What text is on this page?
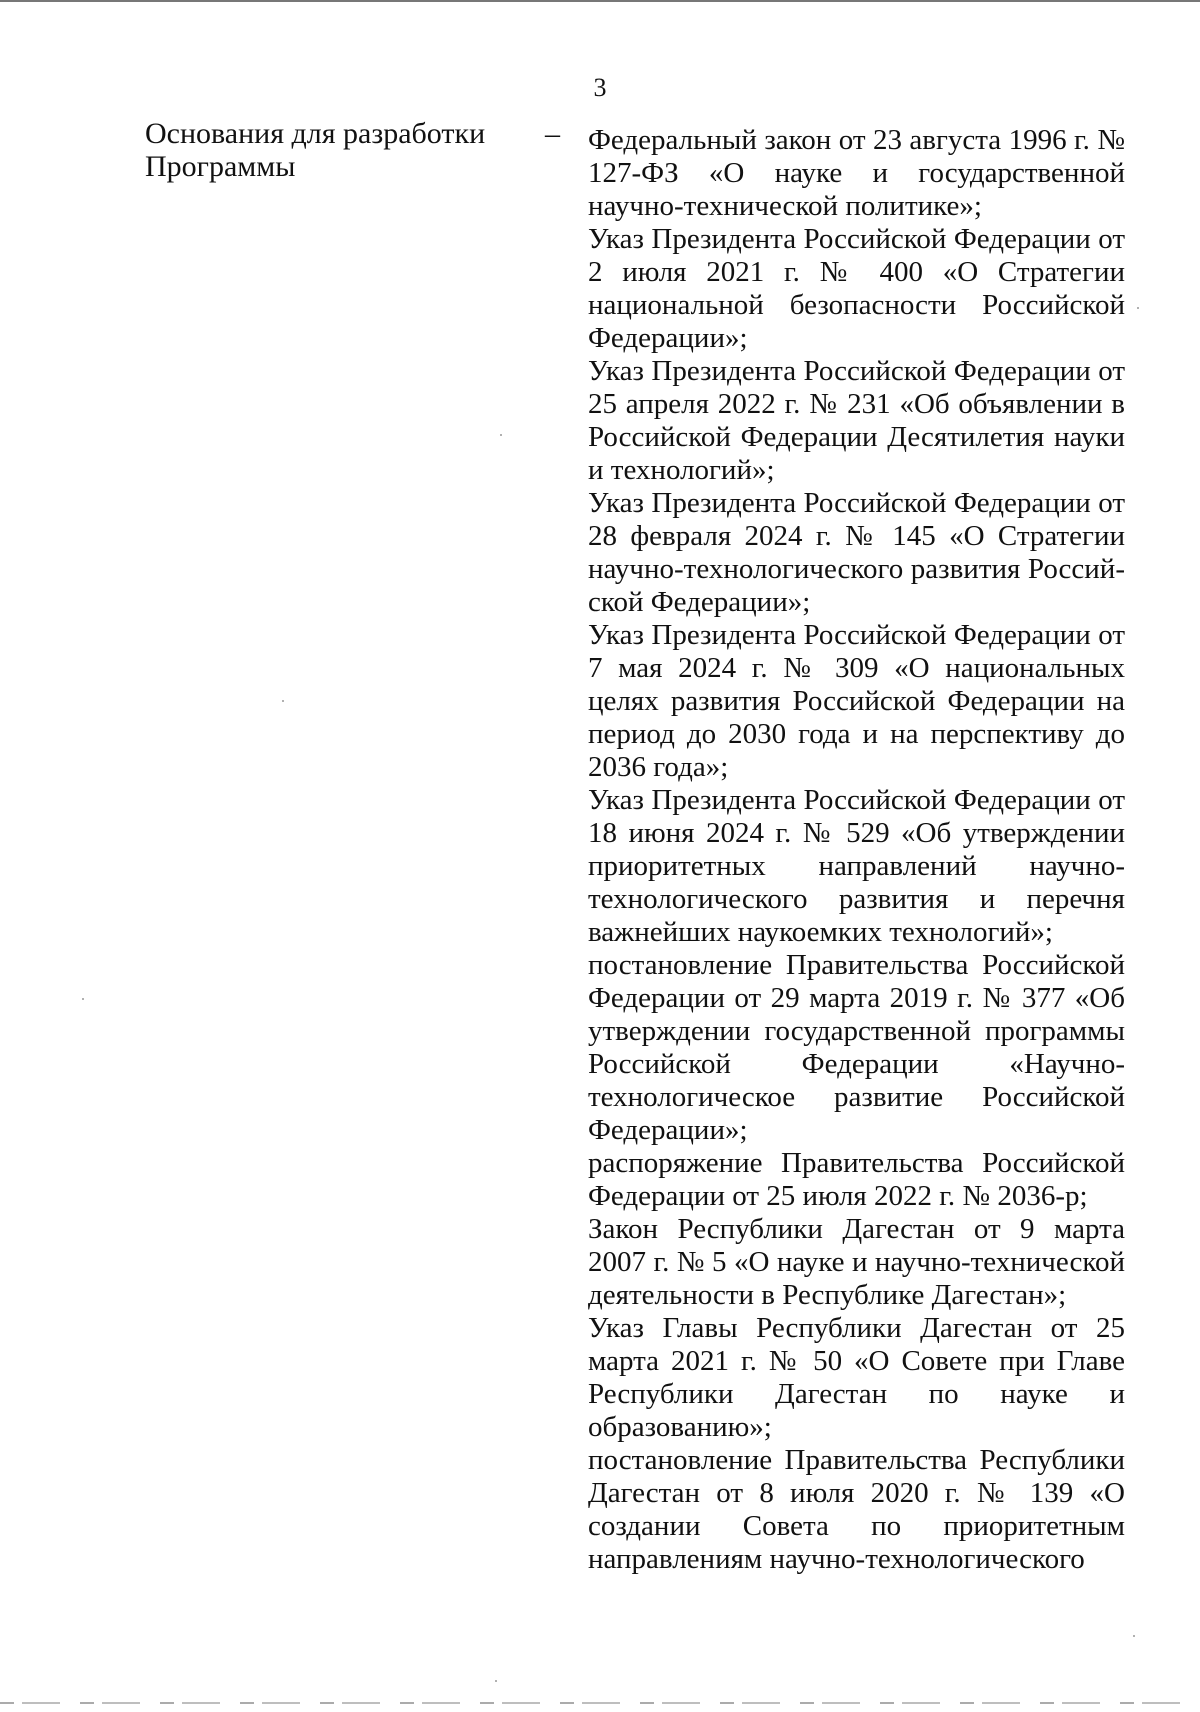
3
Основания для разработки Программы
– Федеральный закон от 23 августа 1996 г. № 127-ФЗ «О науке и государственной научно-технической политике»;
Указ Президента Российской Федерации от 2 июля 2021 г. № 400 «О Стратегии национальной безопасности Российской Федерации»;
Указ Президента Российской Федерации от 25 апреля 2022 г. № 231 «Об объявлении в Российской Федерации Десятилетия науки и технологий»;
Указ Президента Российской Федерации от 28 февраля 2024 г. № 145 «О Стратегии научно-технологического развития Российской Федерации»;
Указ Президента Российской Федерации от 7 мая 2024 г. № 309 «О национальных целях развития Российской Федерации на период до 2030 года и на перспективу до 2036 года»;
Указ Президента Российской Федерации от 18 июня 2024 г. № 529 «Об утверждении приоритетных направлений научно-технологического развития и перечня важнейших наукоемких технологий»;
постановление Правительства Российской Федерации от 29 марта 2019 г. № 377 «Об утверждении государственной программы Российской Федерации «Научно-технологическое развитие Российской Федерации»;
распоряжение Правительства Российской Федерации от 25 июля 2022 г. № 2036-р;
Закон Республики Дагестан от 9 марта 2007 г. № 5 «О науке и научно-технической деятельности в Республике Дагестан»;
Указ Главы Республики Дагестан от 25 марта 2021 г. № 50 «О Совете при Главе Республики Дагестан по науке и образованию»;
постановление Правительства Республики Дагестан от 8 июля 2020 г. № 139 «О создании Совета по приоритетным направлениям научно-технологического
